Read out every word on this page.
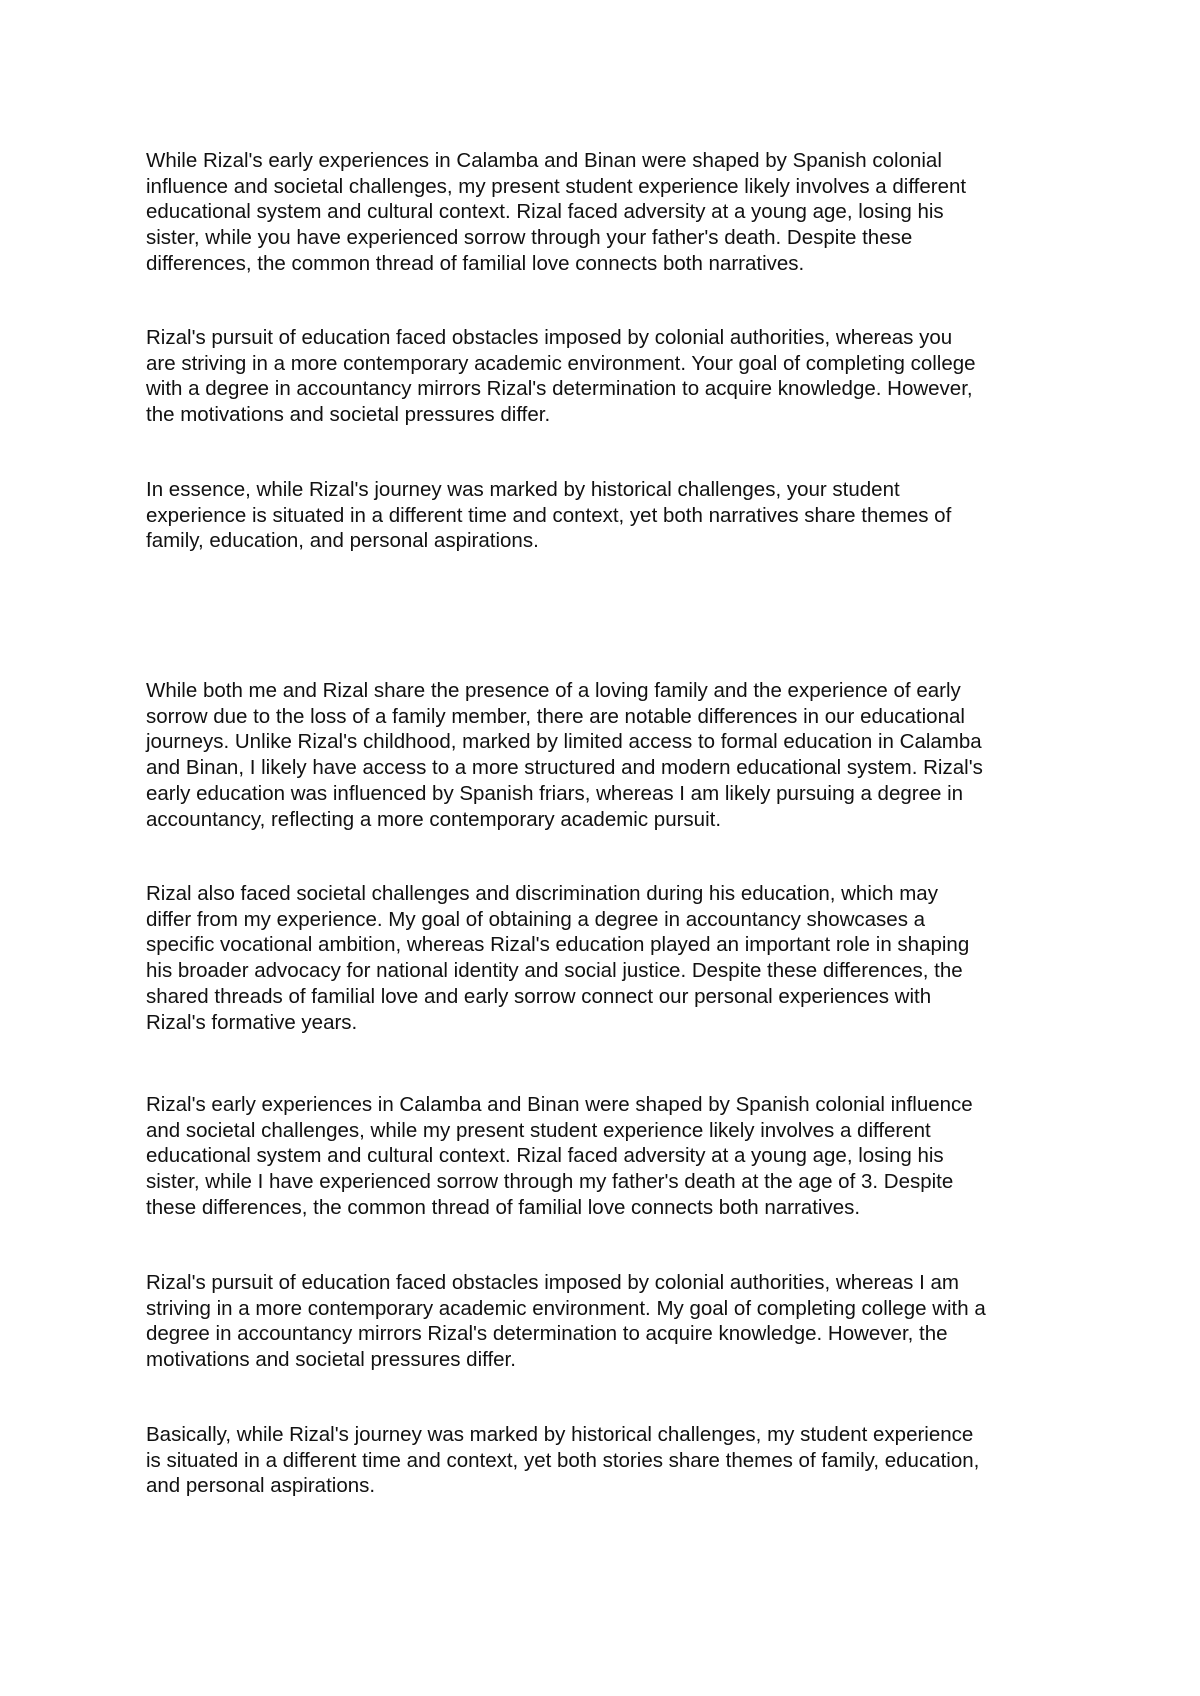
While Rizal's early experiences in Calamba and Binan were shaped by Spanish colonial
influence and societal challenges, my present student experience likely involves a different
educational system and cultural context. Rizal faced adversity at a young age, losing his
sister, while you have experienced sorrow through your father's death. Despite these
differences, the common thread of familial love connects both narratives.

Rizal's pursuit of education faced obstacles imposed by colonial authorities, whereas you
are striving in a more contemporary academic environment. Your goal of completing college
with a degree in accountancy mirrors Rizal's determination to acquire knowledge. However,
the motivations and societal pressures differ.

In essence, while Rizal's journey was marked by historical challenges, your student
experience is situated in a different time and context, yet both narratives share themes of
family, education, and personal aspirations.

While both me and Rizal share the presence of a loving family and the experience of early
sorrow due to the loss of a family member, there are notable differences in our educational
journeys. Unlike Rizal's childhood, marked by limited access to formal education in Calamba
and Binan, I likely have access to a more structured and modern educational system. Rizal's
early education was influenced by Spanish friars, whereas I am likely pursuing a degree in
accountancy, reflecting a more contemporary academic pursuit.

Rizal also faced societal challenges and discrimination during his education, which may
differ from my experience. My goal of obtaining a degree in accountancy showcases a
specific vocational ambition, whereas Rizal's education played an important role in shaping
his broader advocacy for national identity and social justice. Despite these differences, the
shared threads of familial love and early sorrow connect our personal experiences with
Rizal's formative years.

Rizal's early experiences in Calamba and Binan were shaped by Spanish colonial influence
and societal challenges, while my present student experience likely involves a different
educational system and cultural context. Rizal faced adversity at a young age, losing his
sister, while I have experienced sorrow through my father's death at the age of 3. Despite
these differences, the common thread of familial love connects both narratives.

Rizal's pursuit of education faced obstacles imposed by colonial authorities, whereas I am
striving in a more contemporary academic environment. My goal of completing college with a
degree in accountancy mirrors Rizal's determination to acquire knowledge. However, the
motivations and societal pressures differ.

Basically, while Rizal's journey was marked by historical challenges, my student experience
is situated in a different time and context, yet both stories share themes of family, education,
and personal aspirations.
